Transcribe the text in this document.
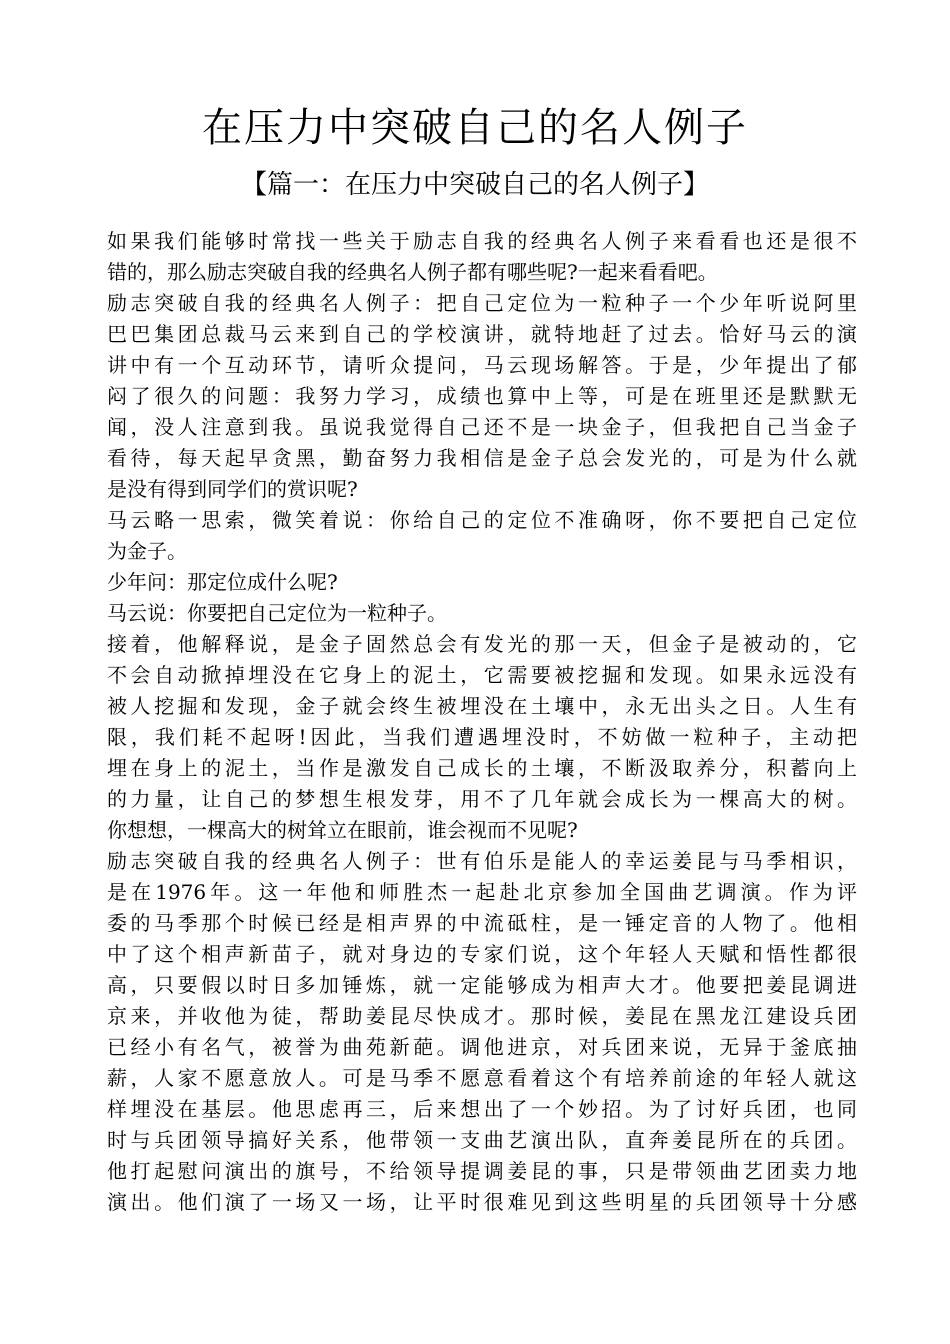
在压力中突破自己的名人例子
【篇一：在压力中突破自己的名人例子】
如果我们能够时常找一些关于励志自我的经典名人例子来看看也还是很不
错的，那么励志突破自我的经典名人例子都有哪些呢?一起来看看吧。
励志突破自我的经典名人例子：把自己定位为一粒种子一个少年听说阿里
巴巴集团总裁马云来到自己的学校演讲，就特地赶了过去。恰好马云的演
讲中有一个互动环节，请听众提问，马云现场解答。于是，少年提出了郁
闷了很久的问题：我努力学习，成绩也算中上等，可是在班里还是默默无
闻，没人注意到我。虽说我觉得自己还不是一块金子，但我把自己当金子
看待，每天起早贪黑，勤奋努力我相信是金子总会发光的，可是为什么就
是没有得到同学们的赏识呢?
马云略一思索，微笑着说：你给自己的定位不准确呀，你不要把自己定位
为金子。
少年问：那定位成什么呢?
马云说：你要把自己定位为一粒种子。
接着，他解释说，是金子固然总会有发光的那一天，但金子是被动的，它
不会自动掀掉埋没在它身上的泥土，它需要被挖掘和发现。如果永远没有
被人挖掘和发现，金子就会终生被埋没在土壤中，永无出头之日。人生有
限，我们耗不起呀!因此，当我们遭遇埋没时，不妨做一粒种子，主动把
埋在身上的泥土，当作是激发自己成长的土壤，不断汲取养分，积蓄向上
的力量，让自己的梦想生根发芽，用不了几年就会成长为一棵高大的树。
你想想，一棵高大的树耸立在眼前，谁会视而不见呢?
励志突破自我的经典名人例子：世有伯乐是能人的幸运姜昆与马季相识，
是在1976年。这一年他和师胜杰一起赴北京参加全国曲艺调演。作为评
委的马季那个时候已经是相声界的中流砥柱，是一锤定音的人物了。他相
中了这个相声新苗子，就对身边的专家们说，这个年轻人天赋和悟性都很
高，只要假以时日多加锤炼，就一定能够成为相声大才。他要把姜昆调进
京来，并收他为徒，帮助姜昆尽快成才。那时候，姜昆在黑龙江建设兵团
已经小有名气，被誉为曲苑新葩。调他进京，对兵团来说，无异于釜底抽
薪，人家不愿意放人。可是马季不愿意看着这个有培养前途的年轻人就这
样埋没在基层。他思虑再三，后来想出了一个妙招。为了讨好兵团，也同
时与兵团领导搞好关系，他带领一支曲艺演出队，直奔姜昆所在的兵团。
他打起慰问演出的旗号，不给领导提调姜昆的事，只是带领曲艺团卖力地
演出。他们演了一场又一场，让平时很难见到这些明星的兵团领导十分感
